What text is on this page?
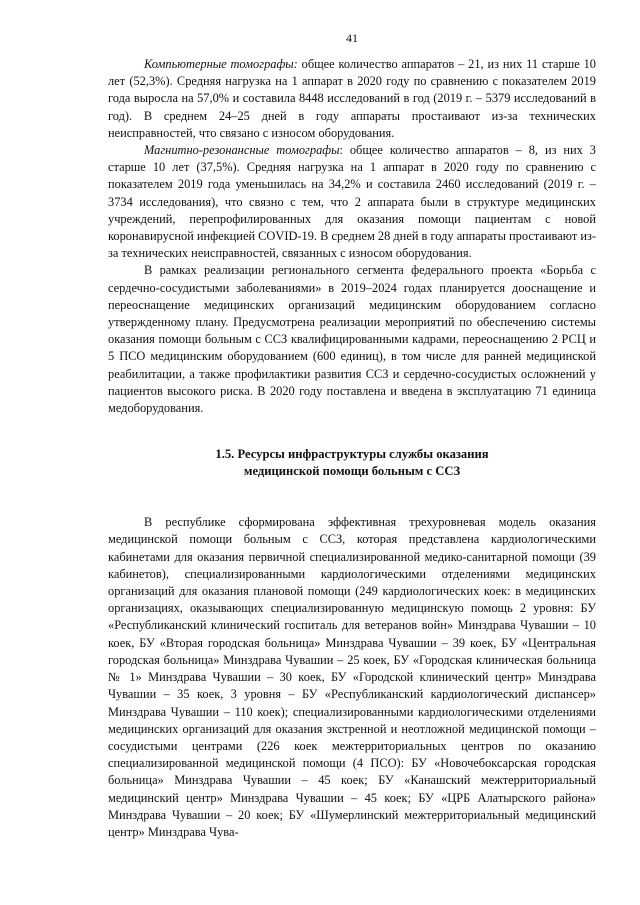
41

Компьютерные томографы: общее количество аппаратов – 21, из них 11 старше 10 лет (52,3%). Средняя нагрузка на 1 аппарат в 2020 году по сравнению с показателем 2019 года выросла на 57,0% и составила 8448 исследований в год (2019 г. – 5379 исследований в год). В среднем 24–25 дней в году аппараты простаивают из-за технических неисправностей, что связано с износом оборудования.

Магнитно-резонансные томографы: общее количество аппаратов – 8, из них 3 старше 10 лет (37,5%). Средняя нагрузка на 1 аппарат в 2020 году по сравнению с показателем 2019 года уменьшилась на 34,2% и составила 2460 исследований (2019 г. – 3734 исследования), что связно с тем, что 2 аппарата были в структуре медицинских учреждений, перепрофилированных для оказания помощи пациентам с новой коронавирусной инфекцией COVID-19. В среднем 28 дней в году аппараты простаивают из-за технических неисправностей, связанных с износом оборудования.

В рамках реализации регионального сегмента федерального проекта «Борьба с сердечно-сосудистыми заболеваниями» в 2019–2024 годах планируется дооснащение и переоснащение медицинских организаций медицинским оборудованием согласно утвержденному плану. Предусмотрена реализации мероприятий по обеспечению системы оказания помощи больным с ССЗ квалифицированными кадрами, переоснащению 2 РСЦ и 5 ПСО медицинским оборудованием (600 единиц), в том числе для ранней медицинской реабилитации, а также профилактики развития ССЗ и сердечно-сосудистых осложнений у пациентов высокого риска. В 2020 году поставлена и введена в эксплуатацию 71 единица медоборудования.

1.5. Ресурсы инфраструктуры службы оказания
медицинской помощи больным с ССЗ

В республике сформирована эффективная трехуровневая модель оказания медицинской помощи больным с ССЗ, которая представлена кардиологическими кабинетами для оказания первичной специализированной медико-санитарной помощи (39 кабинетов), специализированными кардиологическими отделениями медицинских организаций для оказания плановой помощи (249 кардиологических коек: в медицинских организациях, оказывающих специализированную медицинскую помощь 2 уровня: БУ «Республиканский клинический госпиталь для ветеранов войн» Минздрава Чувашии – 10 коек, БУ «Вторая городская больница» Минздрава Чувашии – 39 коек, БУ «Центральная городская больница» Минздрава Чувашии – 25 коек, БУ «Городская клиническая больница № 1» Минздрава Чувашии – 30 коек, БУ «Городской клинический центр» Минздрава Чувашии – 35 коек, 3 уровня – БУ «Республиканский кардиологический диспансер» Минздрава Чувашии – 110 коек); специализированными кардиологическими отделениями медицинских организаций для оказания экстренной и неотложной медицинской помощи – сосудистыми центрами (226 коек межтерриториальных центров по оказанию специализированной медицинской помощи (4 ПСО): БУ «Новочебоксарская городская больница» Минздрава Чувашии – 45 коек; БУ «Канашский межтерриториальный медицинский центр» Минздрава Чувашии – 45 коек; БУ «ЦРБ Алатырского района» Минздрава Чувашии – 20 коек; БУ «Шумерлинский межтерриториальный медицинский центр» Минздрава Чува-
